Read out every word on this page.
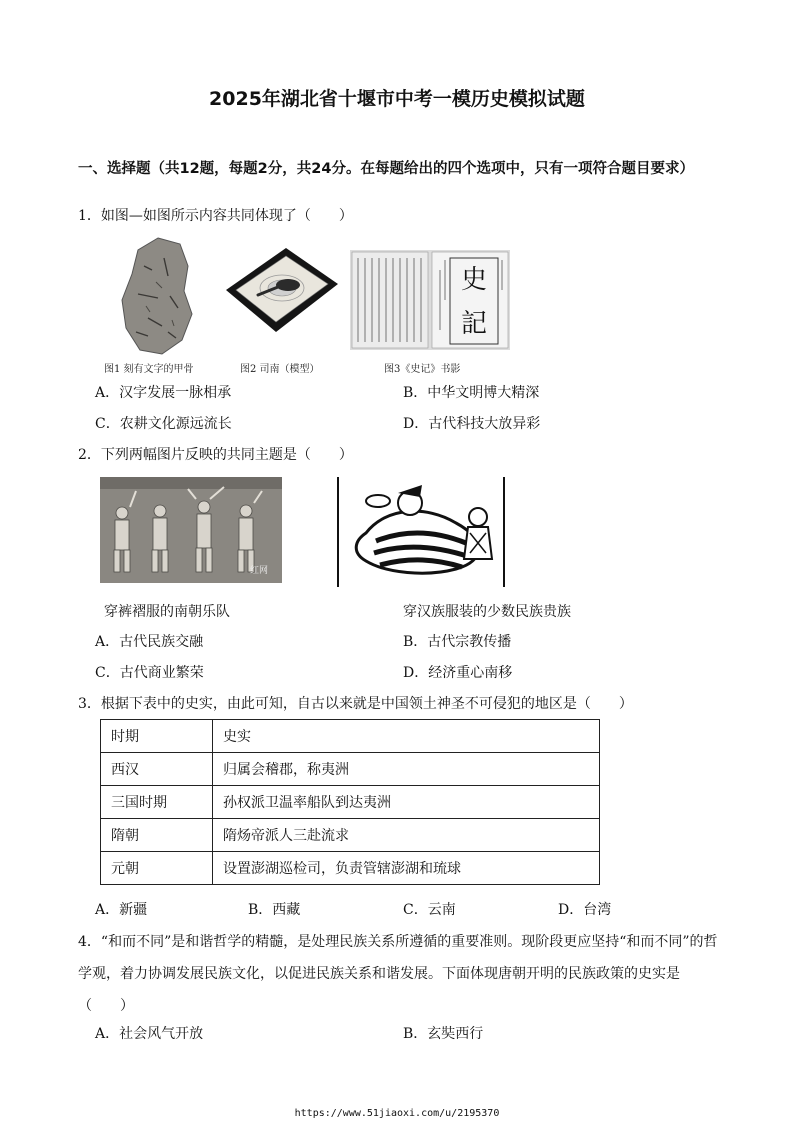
2025年湖北省十堰市中考一模历史模拟试题
一、选择题（共12题，每题2分，共24分。在每题给出的四个选项中，只有一项符合题目要求）
1．如图—如图所示内容共同体现了（　　）
史
記
图1 刻有文字的甲骨	图2 司南（模型）	图3《史记》书影
A．汉字发展一脉相承	B．中华文明博大精深
C．农耕文化源远流长	D．古代科技大放异彩
2．下列两幅图片反映的共同主题是（　　）
红网
穿裤褶服的南朝乐队	穿汉族服装的少数民族贵族
A．古代民族交融	B．古代宗教传播
C．古代商业繁荣	D．经济重心南移
3．根据下表中的史实，由此可知，自古以来就是中国领土神圣不可侵犯的地区是（　　）
时期	史实
西汉	归属会稽郡，称夷洲
三国时期	孙权派卫温率船队到达夷洲
隋朝	隋炀帝派人三赴流求
元朝	设置澎湖巡检司，负责管辖澎湖和琉球
A．新疆	B．西藏	C．云南	D．台湾
4．“和而不同”是和谐哲学的精髓，是处理民族关系所遵循的重要准则。现阶段更应坚持“和而不同”的哲学观，着力协调发展民族文化，以促进民族关系和谐发展。下面体现唐朝开明的民族政策的史实是（　　）
A．社会风气开放	B．玄奘西行
https://www.51jiaoxi.com/u/2195370
